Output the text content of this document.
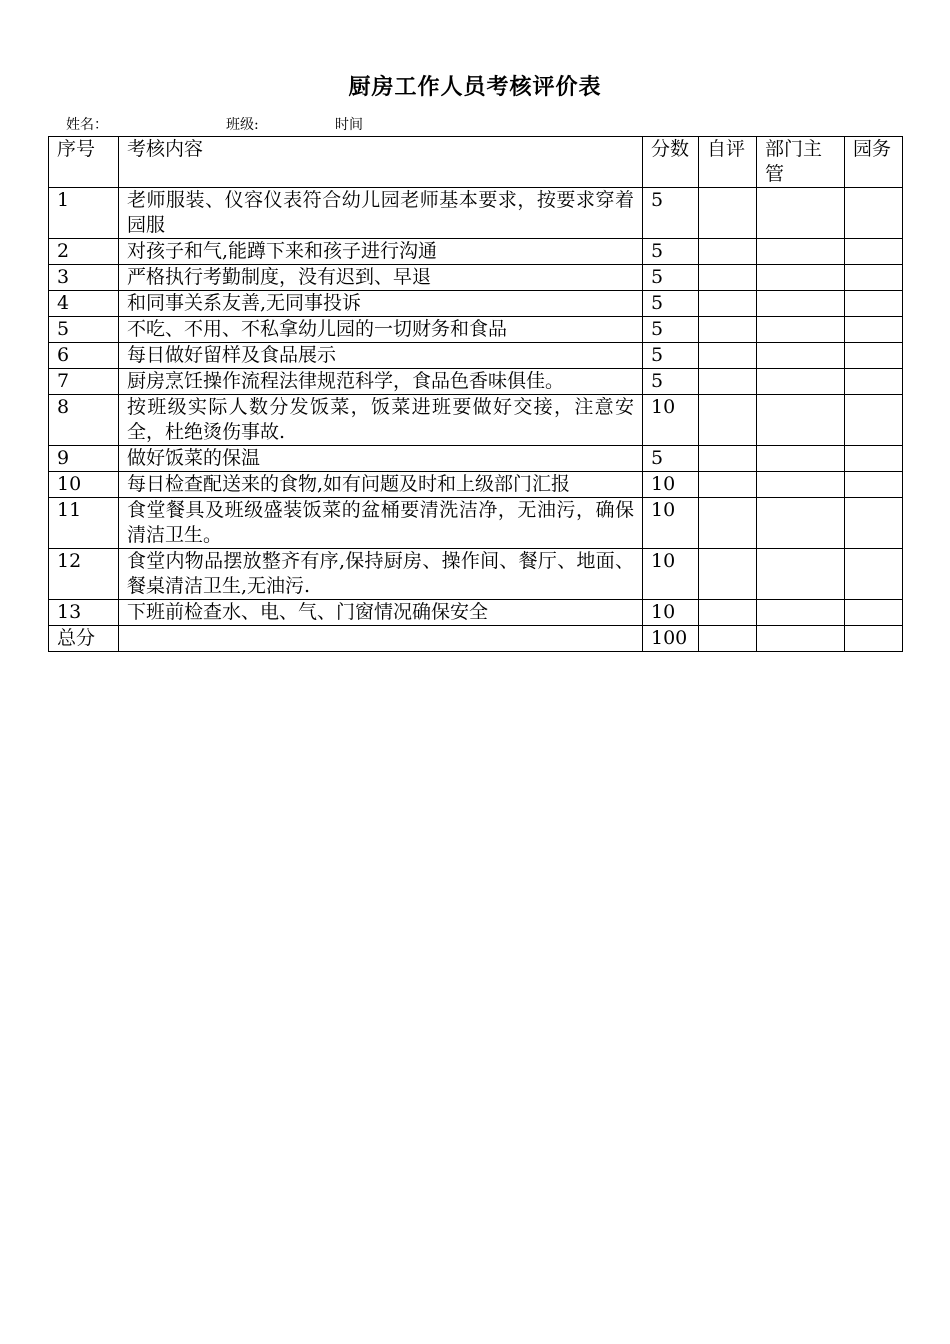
厨房工作人员考核评价表
姓名：	班级:	时间
序号	考核内容	分数	自评	部门主管	园务
1	老师服装、仪容仪表符合幼儿园老师基本要求，按要求穿着园服	5			
2	对孩子和气,能蹲下来和孩子进行沟通	5			
3	严格执行考勤制度，没有迟到、早退	5			
4	和同事关系友善,无同事投诉	5			
5	不吃、不用、不私拿幼儿园的一切财务和食品	5			
6	每日做好留样及食品展示	5			
7	厨房烹饪操作流程法律规范科学，食品色香味俱佳。	5			
8	按班级实际人数分发饭菜，饭菜进班要做好交接，注意安全，杜绝烫伤事故.	10			
9	做好饭菜的保温	5			
10	每日检查配送来的食物,如有问题及时和上级部门汇报	10			
11	食堂餐具及班级盛装饭菜的盆桶要清洗洁净，无油污，确保清洁卫生。	10			
12	食堂内物品摆放整齐有序,保持厨房、操作间、餐厅、地面、餐桌清洁卫生,无油污.	10			
13	下班前检查水、电、气、门窗情况确保安全	10			
总分		100			
